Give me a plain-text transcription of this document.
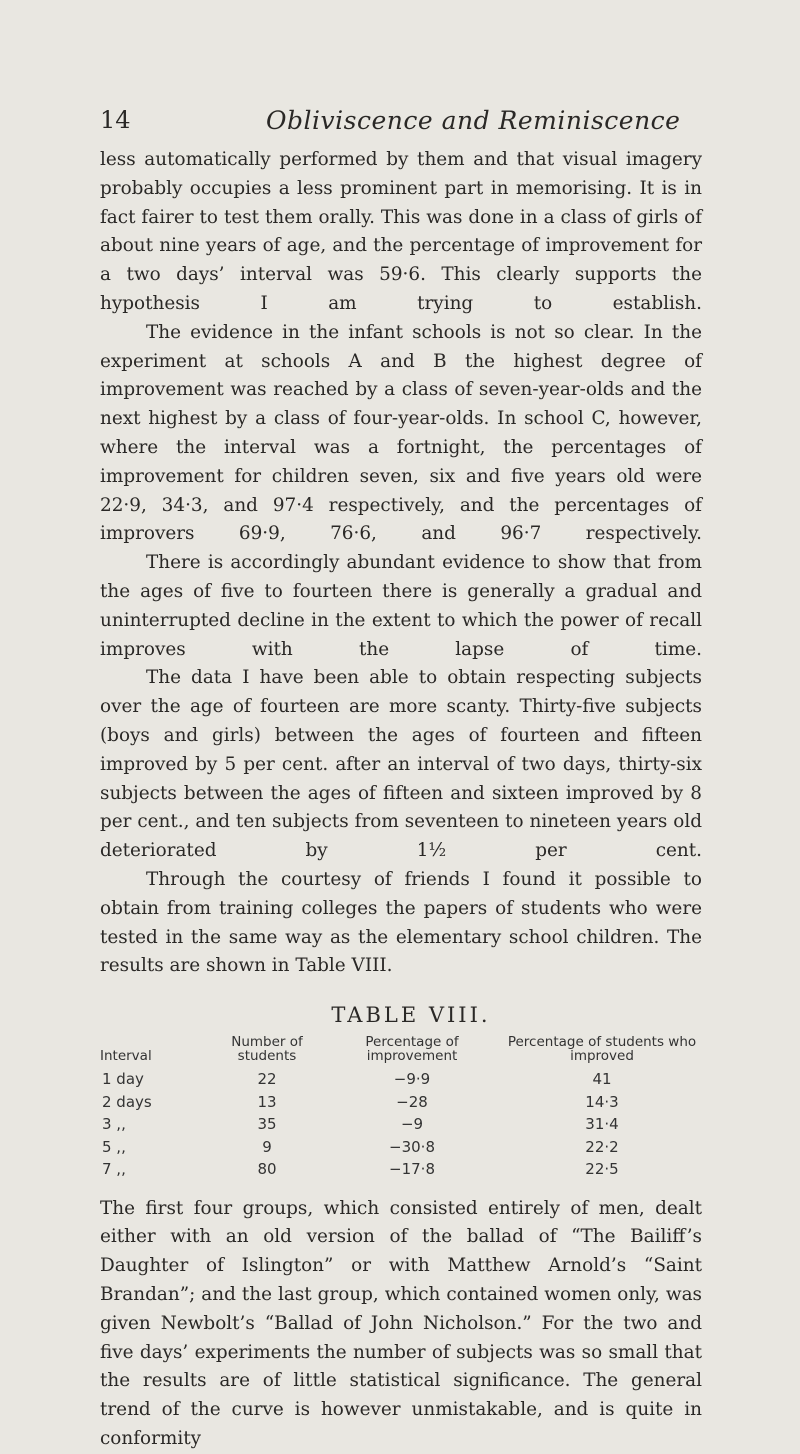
14	Obliviscence and Reminiscence

less automatically performed by them and that visual imagery probably occupies a less prominent part in memorising. It is in fact fairer to test them orally. This was done in a class of girls of about nine years of age, and the percentage of improvement for a two days’ interval was 59·6. This clearly supports the hypothesis I am trying to establish.

The evidence in the infant schools is not so clear. In the experiment at schools A and B the highest degree of improvement was reached by a class of seven-year-olds and the next highest by a class of four-year-olds. In school C, however, where the interval was a fortnight, the percentages of improvement for children seven, six and five years old were 22·9, 34·3, and 97·4 respectively, and the percentages of improvers 69·9, 76·6, and 96·7 respectively.

There is accordingly abundant evidence to show that from the ages of five to fourteen there is generally a gradual and uninterrupted decline in the extent to which the power of recall improves with the lapse of time.

The data I have been able to obtain respecting subjects over the age of fourteen are more scanty. Thirty-five subjects (boys and girls) between the ages of fourteen and fifteen improved by 5 per cent. after an interval of two days, thirty-six subjects between the ages of fifteen and sixteen improved by 8 per cent., and ten subjects from seventeen to nineteen years old deteriorated by 1½ per cent.

Through the courtesy of friends I found it possible to obtain from training colleges the papers of students who were tested in the same way as the elementary school children. The results are shown in Table VIII.

TABLE VIII.
Interval	Number of students	Percentage of improvement	Percentage of students who improved
1 day	22	−9·9	41
2 days	13	−28	14·3
3 ,,	35	−9	31·4
5 ,,	9	−30·8	22·2
7 ,,	80	−17·8	22·5

The first four groups, which consisted entirely of men, dealt either with an old version of the ballad of “The Bailiff’s Daughter of Islington” or with Matthew Arnold’s “Saint Brandan”; and the last group, which contained women only, was given Newbolt’s “Ballad of John Nicholson.” For the two and five days’ experiments the number of subjects was so small that the results are of little statistical significance. The general trend of the curve is however unmistakable, and is quite in conformity
